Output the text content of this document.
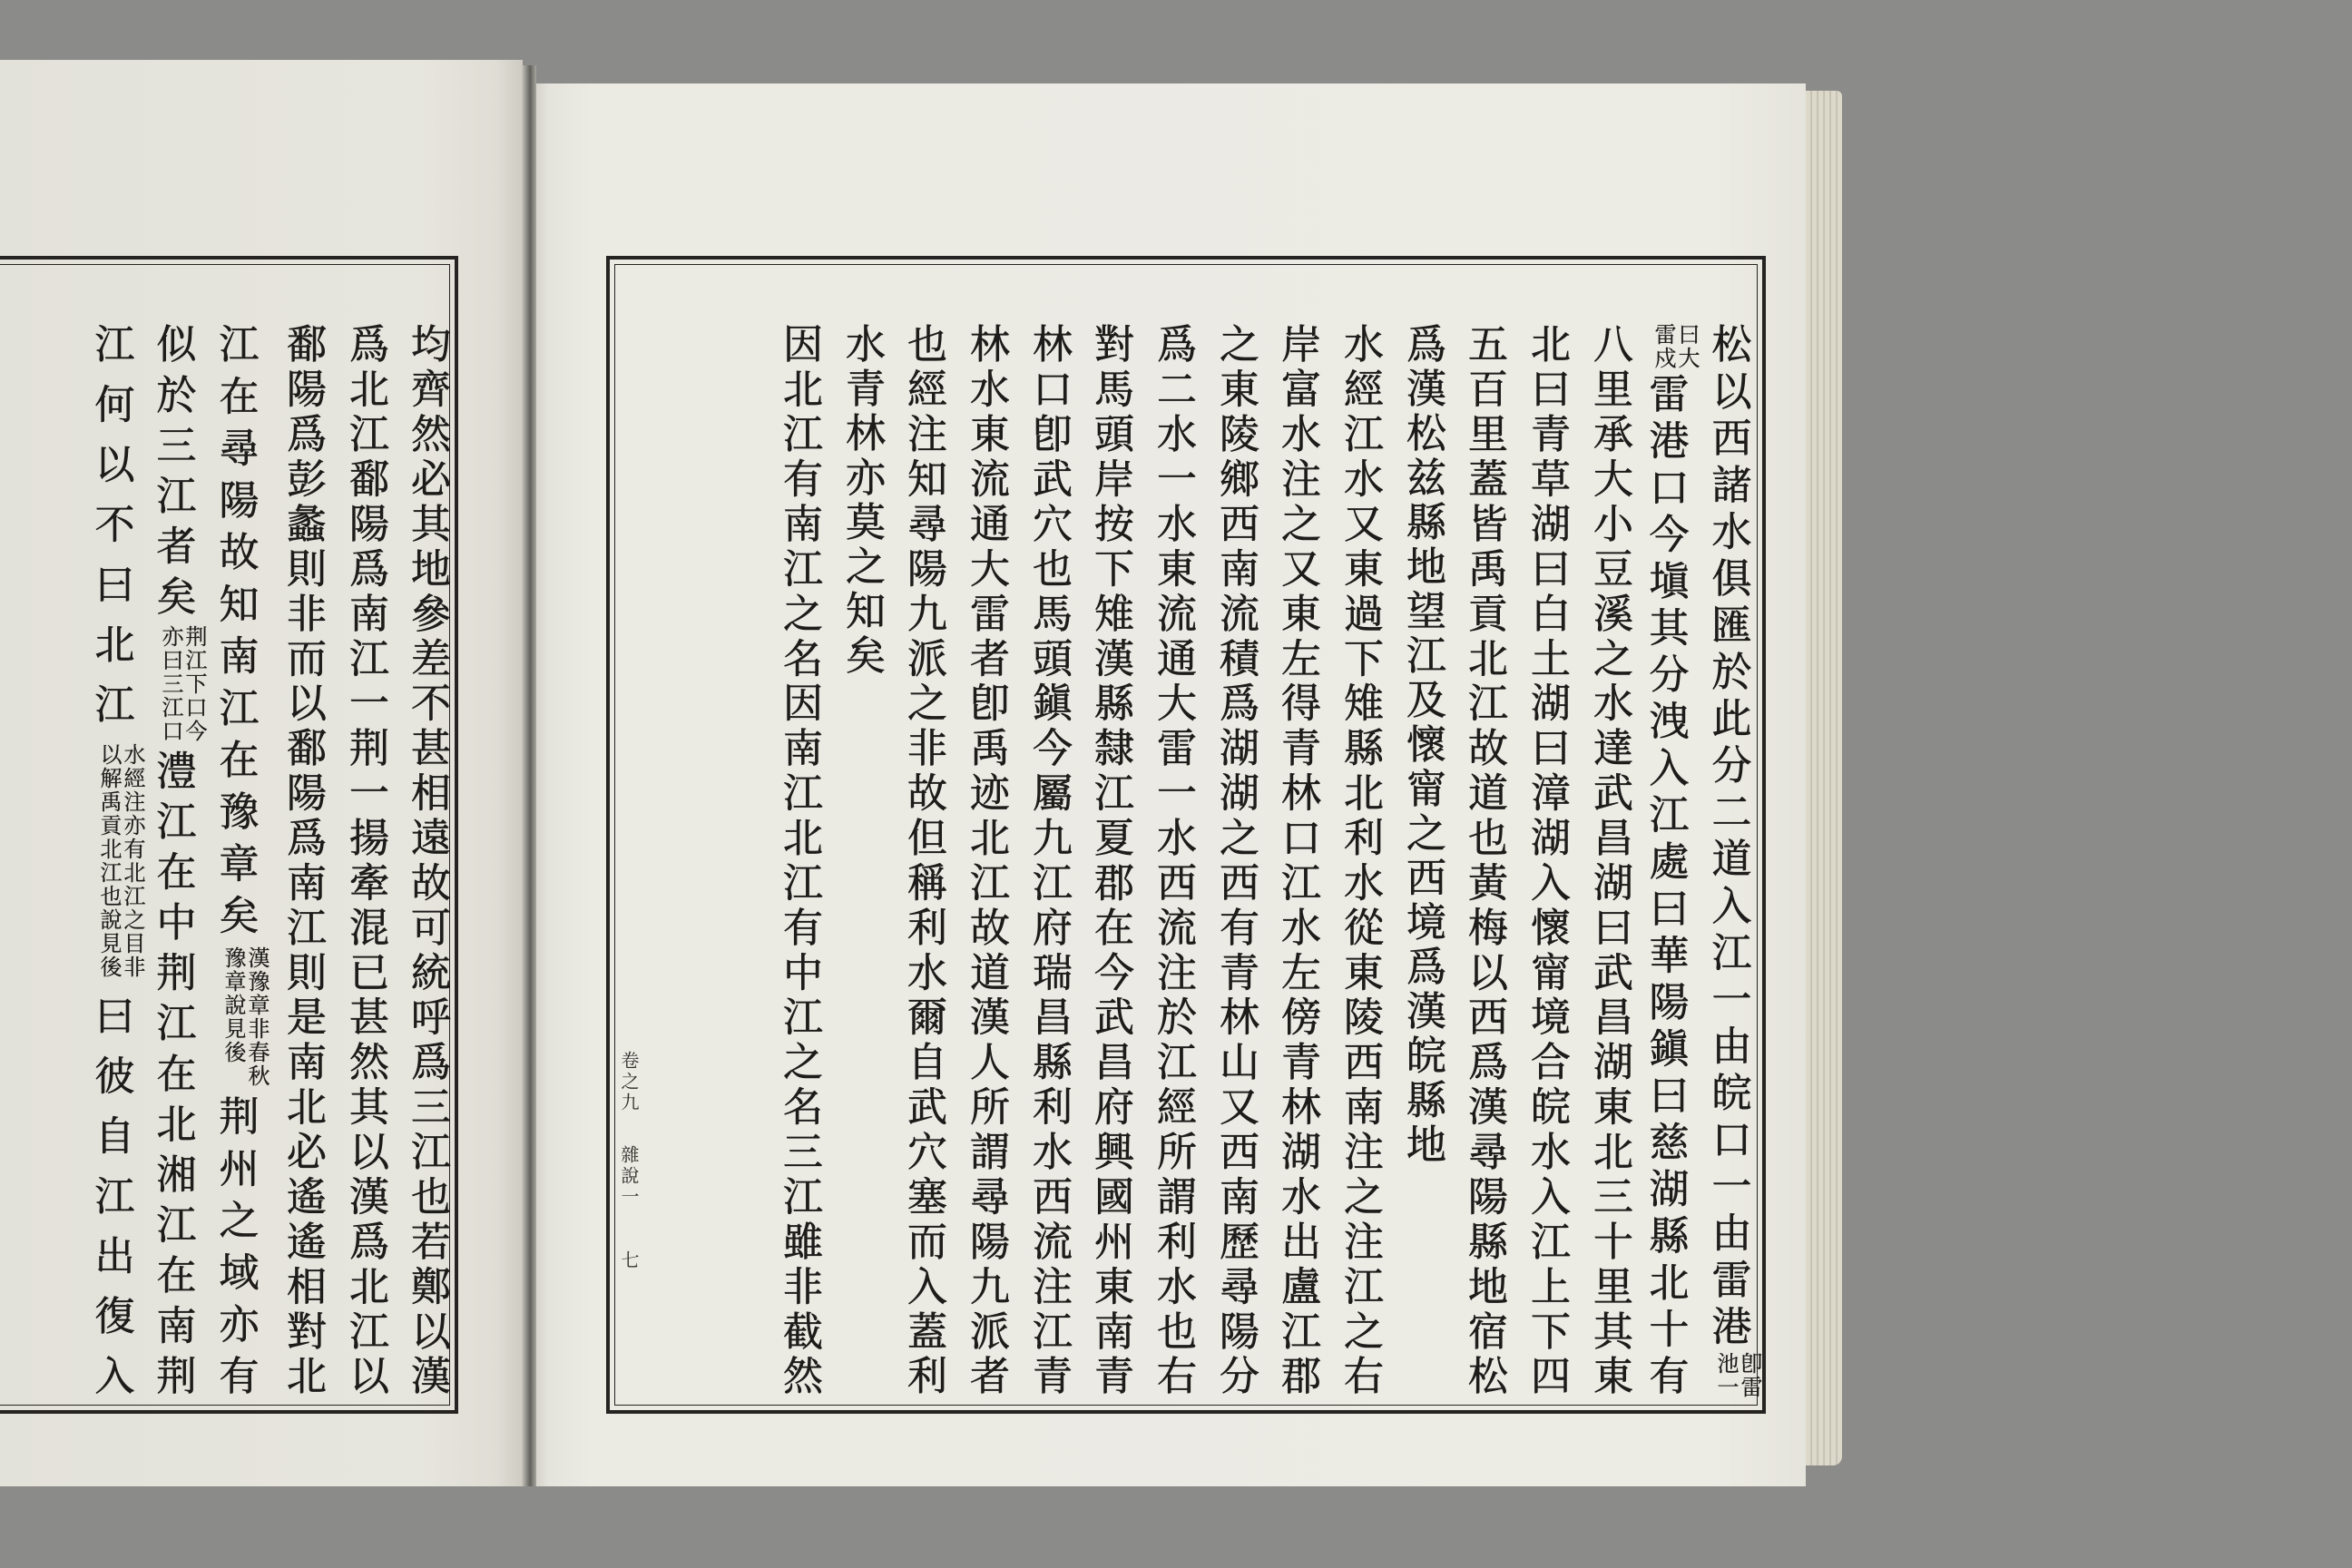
松以西諸水俱匯於此分二道入江一由皖口一由雷港
卽雷
池一
曰大
雷戍
雷港口今塡其分洩入江處曰華陽鎭曰慈湖縣北十有
八里承大小豆溪之水達武昌湖曰武昌湖東北三十里其東
北曰青草湖曰白土湖曰漳湖入懷甯境合皖水入江上下四
五百里蓋皆禹貢北江故道也黃梅以西爲漢尋陽縣地宿松
爲漢松兹縣地望江及懷甯之西境爲漢皖縣地
水經江水又東過下雉縣北利水從東陵西南注之注江之右
岸富水注之又東左得青林口江水左傍青林湖水出盧江郡
之東陵鄉西南流積爲湖湖之西有青林山又西南歷尋陽分
爲二水一水東流通大雷一水西流注於江經所謂利水也右
對馬頭岸按下雉漢縣隸江夏郡在今武昌府興國州東南青
林口卽武穴也馬頭鎭今屬九江府瑞昌縣利水西流注江青
林水東流通大雷者卽禹迹北江故道漢人所謂尋陽九派者
也經注知尋陽九派之非故但稱利水爾自武穴塞而入蓋利
水青林亦莫之知矣
因北江有南江之名因南江北江有中江之名三江雖非截然
卷之九
雜說一
七
均齊然必其地參差不甚相遠故可統呼爲三江也若鄭以漢
爲北江鄱陽爲南江一荆一揚牽混已甚然其以漢爲北江以
鄱陽爲彭蠡則非而以鄱陽爲南江則是南北必遙遙相對北
江在尋陽故知南江在豫章矣
漢豫章非春秋
豫章說見後
荆州之域亦有
似於三江者矣
荆江下口今
亦曰三江口
澧江在中荆江在北湘江在南荆
江何以不曰北江
水經注亦有北江之目非
以解禹貢北江也說見後
曰彼自江出復入
